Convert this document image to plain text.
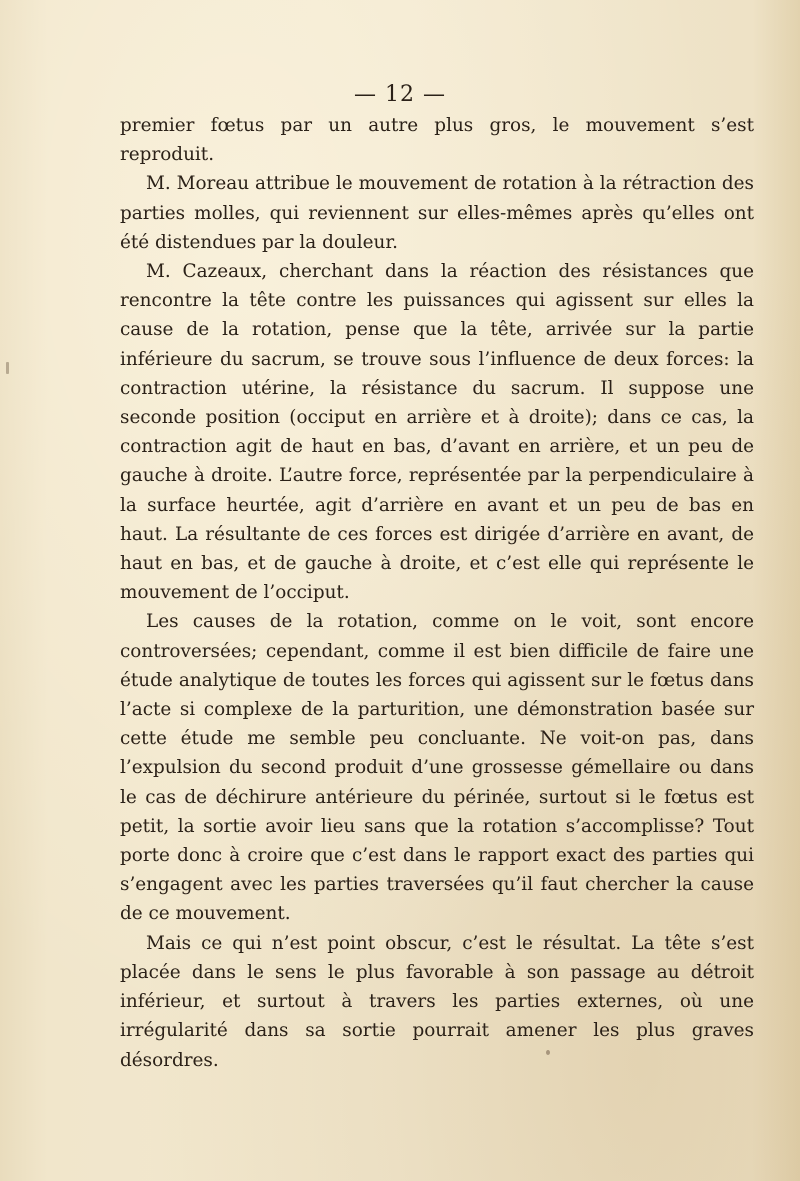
— 12 —

premier fœtus par un autre plus gros, le mouvement s’est reproduit.

M. Moreau attribue le mouvement de rotation à la rétraction des parties molles, qui reviennent sur elles-mêmes après qu’elles ont été distendues par la douleur.

M. Cazeaux, cherchant dans la réaction des résistances que rencontre la tête contre les puissances qui agissent sur elles la cause de la rotation, pense que la tête, arrivée sur la partie inférieure du sacrum, se trouve sous l’influence de deux forces: la contraction utérine, la résistance du sacrum. Il suppose une seconde position (occiput en arrière et à droite); dans ce cas, la contraction agit de haut en bas, d’avant en arrière, et un peu de gauche à droite. L’autre force, représentée par la perpendiculaire à la surface heurtée, agit d’arrière en avant et un peu de bas en haut. La résultante de ces forces est dirigée d’arrière en avant, de haut en bas, et de gauche à droite, et c’est elle qui représente le mouvement de l’occiput.

Les causes de la rotation, comme on le voit, sont encore controversées; cependant, comme il est bien difficile de faire une étude analytique de toutes les forces qui agissent sur le fœtus dans l’acte si complexe de la parturition, une démonstration basée sur cette étude me semble peu concluante. Ne voit-on pas, dans l’expulsion du second produit d’une grossesse gémellaire ou dans le cas de déchirure antérieure du périnée, surtout si le fœtus est petit, la sortie avoir lieu sans que la rotation s’accomplisse? Tout porte donc à croire que c’est dans le rapport exact des parties qui s’engagent avec les parties traversées qu’il faut chercher la cause de ce mouvement.

Mais ce qui n’est point obscur, c’est le résultat. La tête s’est placée dans le sens le plus favorable à son passage au détroit inférieur, et surtout à travers les parties externes, où une irrégularité dans sa sortie pourrait amener les plus graves désordres.
